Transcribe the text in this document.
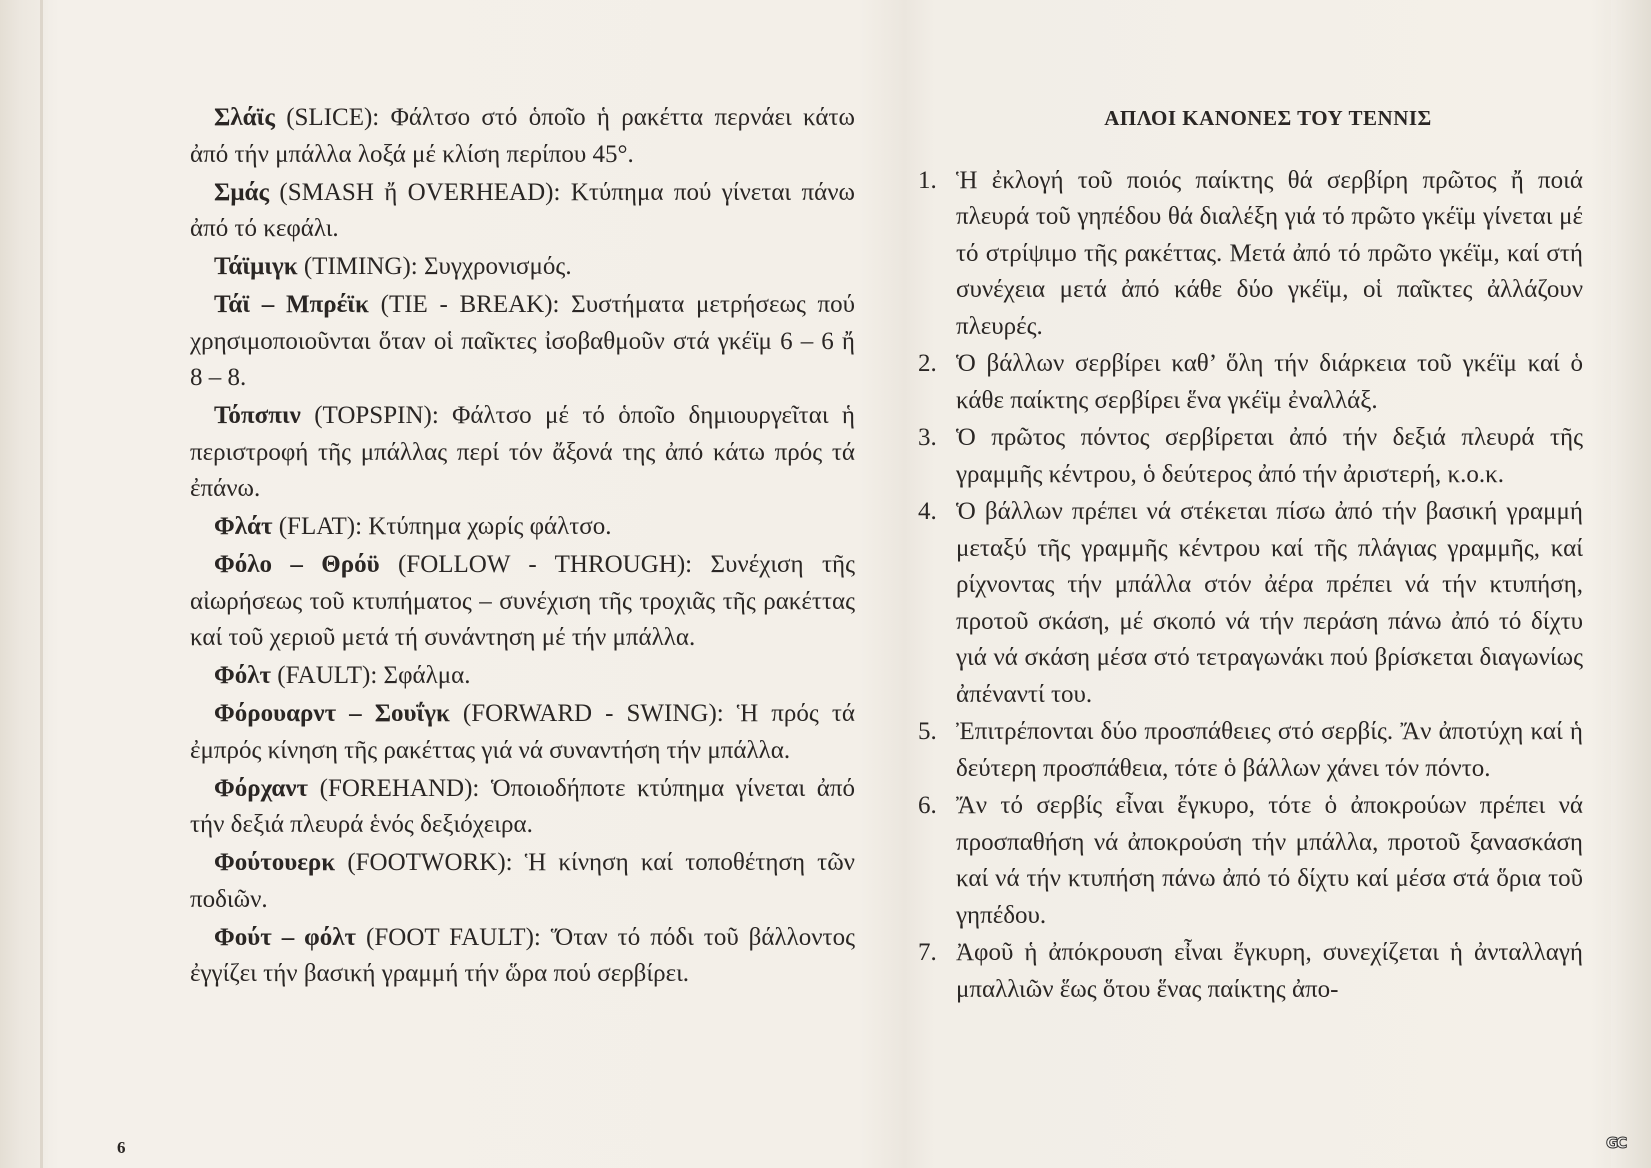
Σλάϊς (SLICE): Φάλτσο στό ὁποῖο ἡ ρακέττα περνάει κάτω ἀπό τήν μπάλλα λοξά μέ κλίση περίπου 45°.

Σμάς (SMASH ἤ OVERHEAD): Κτύπημα πού γίνεται πάνω ἀπό τό κεφάλι.

Τάϊμιγκ (TIMING): Συγχρονισμός.

Τάϊ – Μπρέϊκ (TIE - BREAK): Συστήματα μετρήσεως πού χρησιμοποιοῦνται ὅταν οἱ παῖκτες ἰσοβαθμοῦν στά γκέϊμ 6 – 6 ἤ 8 – 8.

Τόπσπιν (TOPSPIN): Φάλτσο μέ τό ὁποῖο δημιουργεῖται ἡ περιστροφή τῆς μπάλλας περί τόν ἄξονά της ἀπό κάτω πρός τά ἐπάνω.

Φλάτ (FLAT): Κτύπημα χωρίς φάλτσο.

Φόλο – Θρόϋ (FOLLOW - THROUGH): Συνέχιση τῆς αἰωρήσεως τοῦ κτυπήματος – συνέχιση τῆς τροχιᾶς τῆς ρακέττας καί τοῦ χεριοῦ μετά τή συνάντηση μέ τήν μπάλλα.

Φόλτ (FAULT): Σφάλμα.

Φόρουαρντ – Σουΐγκ (FORWARD - SWING): Ἡ πρός τά ἐμπρός κίνηση τῆς ρακέττας γιά νά συναντήση τήν μπάλλα.

Φόρχαντ (FOREHAND): Ὁποιοδήποτε κτύπημα γίνεται ἀπό τήν δεξιά πλευρά ἑνός δεξιόχειρα.

Φούτουερκ (FOOTWORK): Ἡ κίνηση καί τοποθέτηση τῶν ποδιῶν.

Φούτ – φόλτ (FOOT FAULT): Ὅταν τό πόδι τοῦ βάλλοντος ἐγγίζει τήν βασική γραμμή τήν ὥρα πού σερβίρει.

ΑΠΛΟΙ ΚΑΝΟΝΕΣ ΤΟΥ ΤΕΝΝΙΣ
1. Ἡ ἐκλογή τοῦ ποιός παίκτης θά σερβίρη πρῶτος ἤ ποιά πλευρά τοῦ γηπέδου θά διαλέξη γιά τό πρῶτο γκέϊμ γίνεται μέ τό στρίψιμο τῆς ρακέττας. Μετά ἀπό τό πρῶτο γκέϊμ, καί στή συνέχεια μετά ἀπό κάθε δύο γκέϊμ, οἱ παῖκτες ἀλλάζουν πλευρές.
2. Ὁ βάλλων σερβίρει καθ’ ὅλη τήν διάρκεια τοῦ γκέϊμ καί ὁ κάθε παίκτης σερβίρει ἕνα γκέϊμ ἐναλλάξ.
3. Ὁ πρῶτος πόντος σερβίρεται ἀπό τήν δεξιά πλευρά τῆς γραμμῆς κέντρου, ὁ δεύτερος ἀπό τήν ἀριστερή, κ.ο.κ.
4. Ὁ βάλλων πρέπει νά στέκεται πίσω ἀπό τήν βασική γραμμή μεταξύ τῆς γραμμῆς κέντρου καί τῆς πλάγιας γραμμῆς, καί ρίχνοντας τήν μπάλλα στόν ἀέρα πρέπει νά τήν κτυπήση, προτοῦ σκάση, μέ σκοπό νά τήν περάση πάνω ἀπό τό δίχτυ γιά νά σκάση μέσα στό τετραγωνάκι πού βρίσκεται διαγωνίως ἀπέναντί του.
5. Ἐπιτρέπονται δύο προσπάθειες στό σερβίς. Ἄν ἀποτύχη καί ἡ δεύτερη προσπάθεια, τότε ὁ βάλλων χάνει τόν πόντο.
6. Ἄν τό σερβίς εἶναι ἔγκυρο, τότε ὁ ἀποκρούων πρέπει νά προσπαθήση νά ἀποκρούση τήν μπάλλα, προτοῦ ξανασκάση καί νά τήν κτυπήση πάνω ἀπό τό δίχτυ καί μέσα στά ὅρια τοῦ γηπέδου.
7. Ἀφοῦ ἡ ἀπόκρουση εἶναι ἔγκυρη, συνεχίζεται ἡ ἀνταλλαγή μπαλλιῶν ἕως ὅτου ἕνας παίκτης ἀπο-
6	GC
